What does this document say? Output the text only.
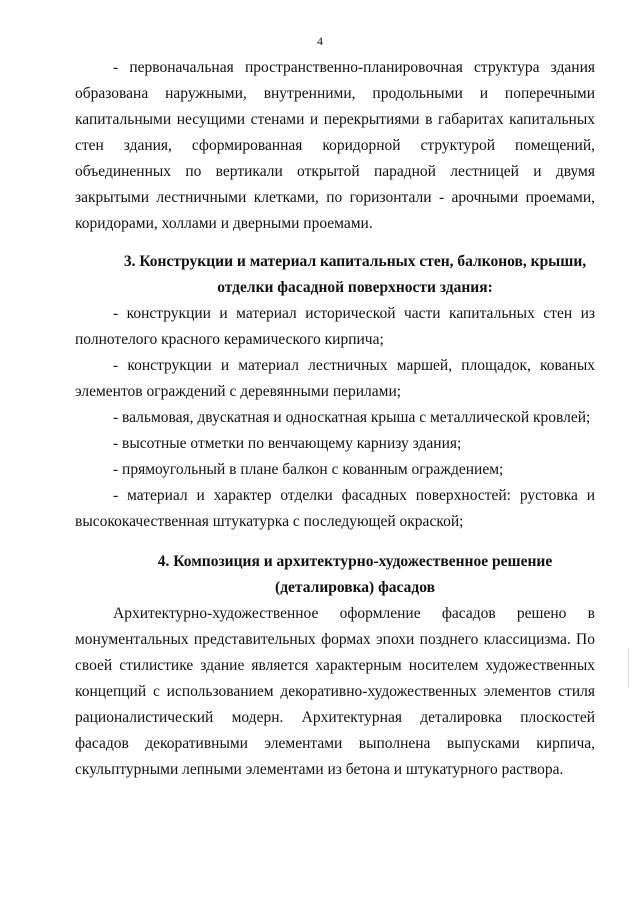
4

- первоначальная пространственно-планировочная структура здания образована наружными, внутренними, продольными и поперечными капитальными несущими стенами и перекрытиями в габаритах капитальных стен здания, сформированная коридорной структурой помещений, объединенных по вертикали открытой парадной лестницей и двумя закрытыми лестничными клетками, по горизонтали - арочными проемами, коридорами, холлами и дверными проемами.

3. Конструкции и материал капитальных стен, балконов, крыши,

отделки фасадной поверхности здания:

- конструкции и материал исторической части капитальных стен из полнотелого красного керамического кирпича;

- конструкции и материал лестничных маршей, площадок, кованых элементов ограждений с деревянными перилами;

- вальмовая, двускатная и односкатная крыша с металлической кровлей;

- высотные отметки по венчающему карнизу здания;

- прямоугольный в плане балкон с кованным ограждением;

- материал и характер отделки фасадных поверхностей: рустовка и высококачественная штукатурка с последующей окраской;

4. Композиция и архитектурно-художественное решение

(деталировка) фасадов

Архитектурно-художественное оформление фасадов решено в монументальных представительных формах эпохи позднего классицизма. По своей стилистике здание является характерным носителем художественных концепций с использованием декоративно-художественных элементов стиля рационалистический модерн. Архитектурная деталировка плоскостей фасадов декоративными элементами выполнена выпусками кирпича, скульптурными лепными элементами из бетона и штукатурного раствора.
